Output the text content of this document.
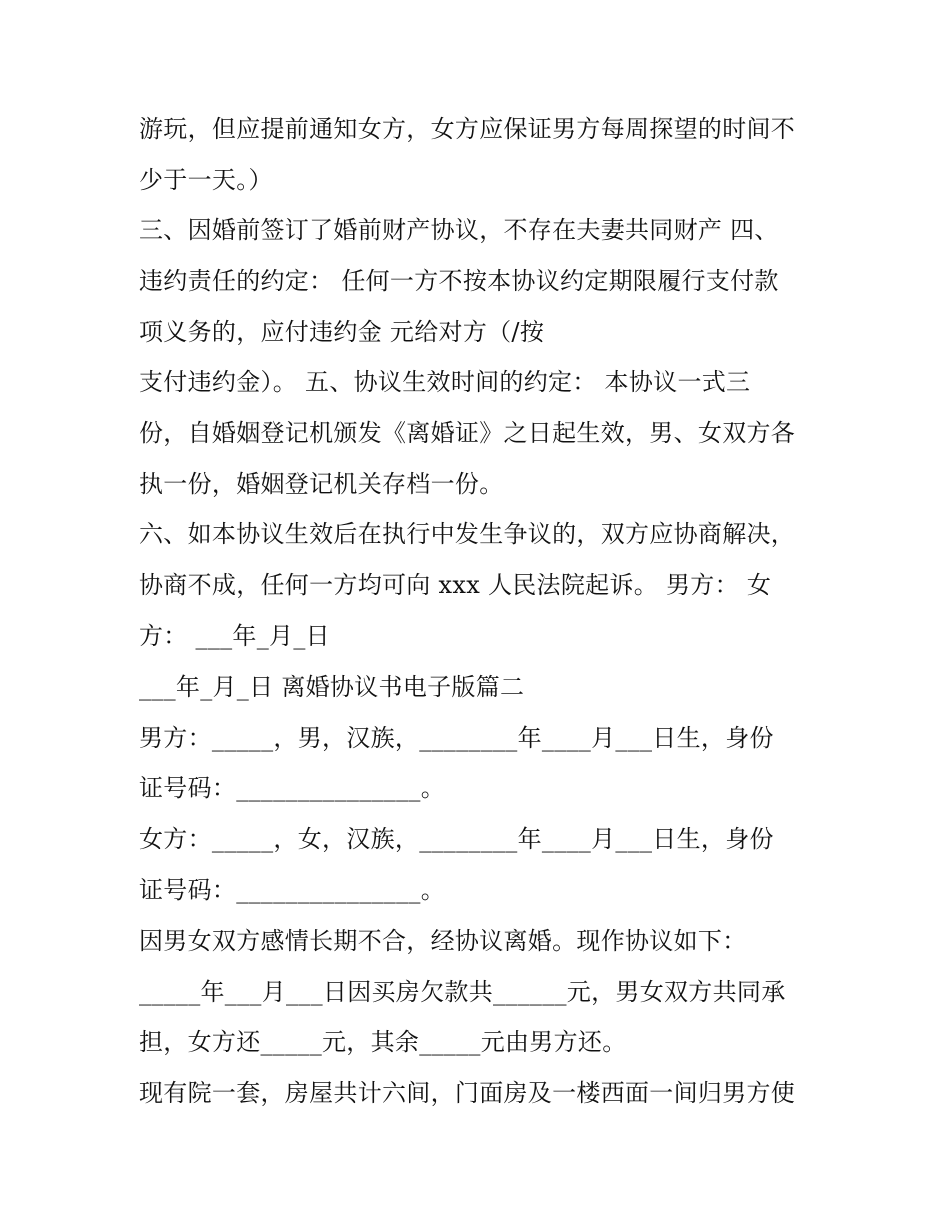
游玩，但应提前通知女方，女方应保证男方每周探望的时间不
少于一天。）
三、因婚前签订了婚前财产协议，不存在夫妻共同财产 四、
违约责任的约定： 任何一方不按本协议约定期限履行支付款
项义务的，应付违约金 元给对方（/按
支付违约金）。 五、协议生效时间的约定： 本协议一式三
份，自婚姻登记机颁发《离婚证》之日起生效，男、女双方各
执一份，婚姻登记机关存档一份。
六、如本协议生效后在执行中发生争议的，双方应协商解决，
协商不成，任何一方均可向 xxx 人民法院起诉。 男方： 女
方： ___年_月_日
___年_月_日 离婚协议书电子版篇二
男方：_____，男，汉族，________年____月___日生，身份
证号码：_______________。
女方：_____，女，汉族，________年____月___日生，身份
证号码：_______________。
因男女双方感情长期不合，经协议离婚。现作协议如下：
_____年___月___日因买房欠款共______元，男女双方共同承
担，女方还_____元，其余_____元由男方还。
现有院一套，房屋共计六间，门面房及一楼西面一间归男方使
